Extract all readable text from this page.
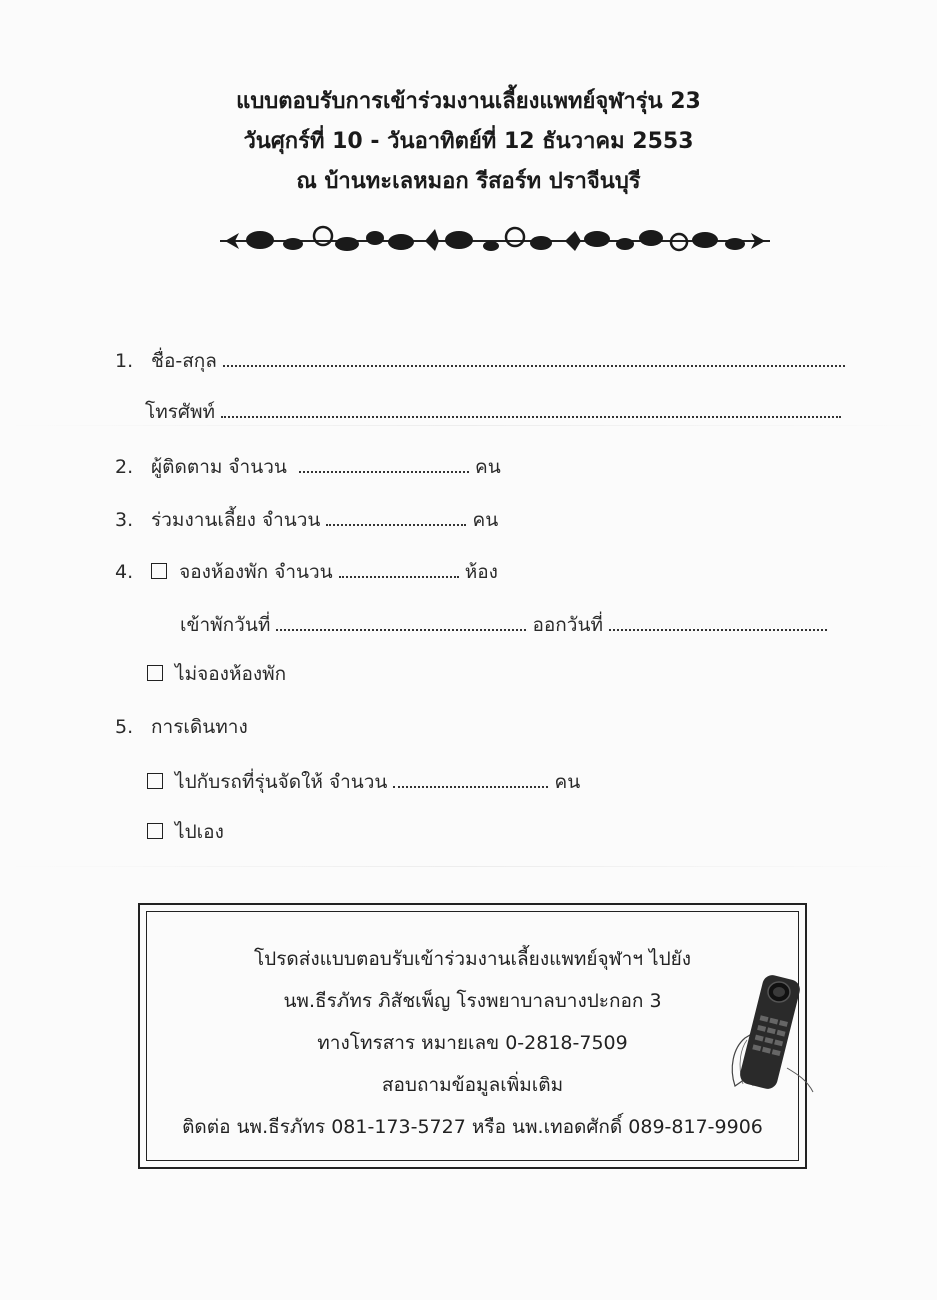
แบบตอบรับการเข้าร่วมงานเลี้ยงแพทย์จุฬารุ่น 23
วันศุกร์ที่ 10 - วันอาทิตย์ที่ 12 ธันวาคม 2553
ณ บ้านทะเลหมอก รีสอร์ท ปราจีนบุรี
1. ชื่อ-สกุล
โทรศัพท์
2. ผู้ติดตาม จำนวน	คน
3. ร่วมงานเลี้ยง จำนวน	คน
4. จองห้องพัก จำนวน	ห้อง
เข้าพักวันที่	ออกวันที่
ไม่จองห้องพัก
5. การเดินทาง
ไปกับรถที่รุ่นจัดให้ จำนวน	คน
ไปเอง
โปรดส่งแบบตอบรับเข้าร่วมงานเลี้ยงแพทย์จุฬาฯ ไปยัง
นพ.ธีรภัทร ภิสัชเพ็ญ โรงพยาบาลบางปะกอก 3
ทางโทรสาร หมายเลข 0-2818-7509
สอบถามข้อมูลเพิ่มเติม
ติดต่อ นพ.ธีรภัทร 081-173-5727 หรือ นพ.เทอดศักดิ์ 089-817-9906
